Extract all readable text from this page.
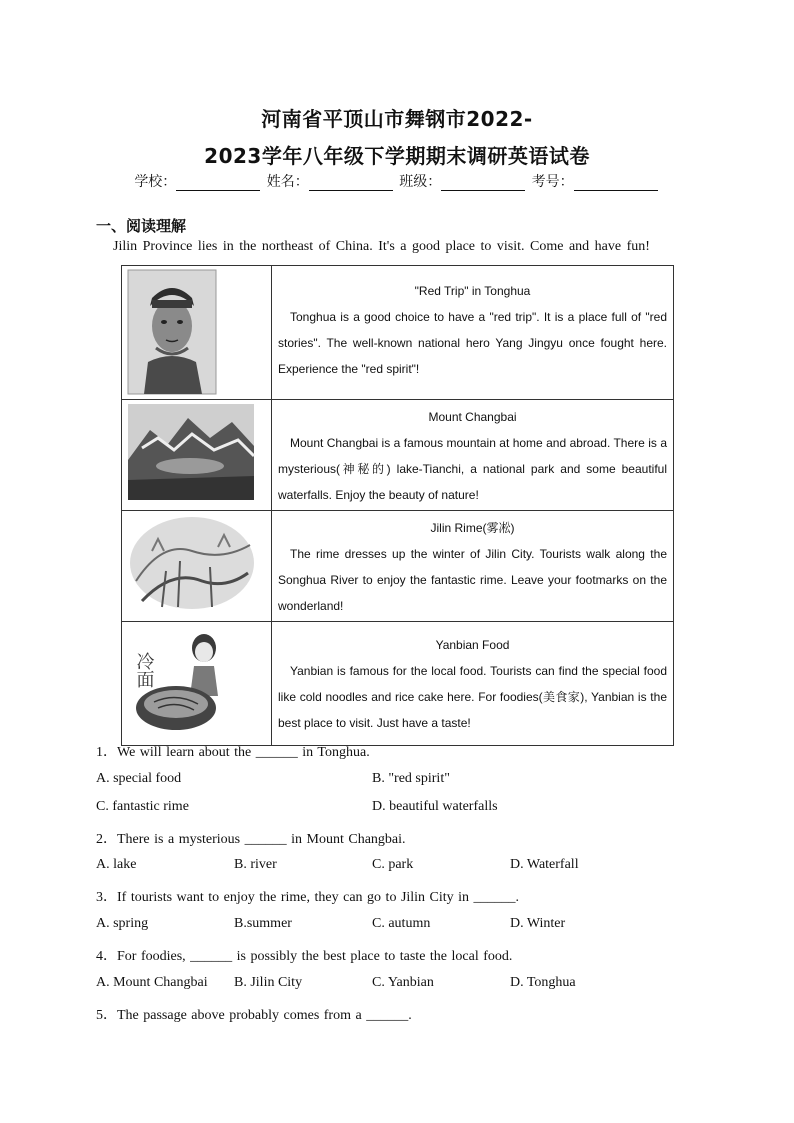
河南省平顶山市舞钢市2022-
2023学年八年级下学期期末调研英语试卷
学校：	姓名：	班级：	考号：
一、阅读理解
Jilin Province lies in the northeast of China. It's a good place to visit. Come and have fun!

"Red Trip" in Tonghua
Tonghua is a good choice to have a "red trip". It is a place full of "red stories". The well-known national hero Yang Jingyu once fought here. Experience the "red spirit"!

Mount Changbai
Mount Changbai is a famous mountain at home and abroad. There is a mysterious(神秘的) lake-Tianchi, a national park and some beautiful waterfalls. Enjoy the beauty of nature!

Jilin Rime(雾凇)
The rime dresses up the winter of Jilin City. Tourists walk along the Songhua River to enjoy the fantastic rime. Leave your footmarks on the wonderland!

冷面	Yanbian Food
Yanbian is famous for the local food. Tourists can find the special food like cold noodles and rice cake here. For foodies(美食家), Yanbian is the best place to visit. Just have a taste!
1．We will learn about the ______ in Tonghua.
A. special food	B. "red spirit"
C. fantastic rime	D. beautiful waterfalls
2．There is a mysterious ______ in Mount Changbai.
A. lake	B. river	C. park	D. Waterfall
3．If tourists want to enjoy the rime, they can go to Jilin City in ______.
A. spring	B.summer	C. autumn	D. Winter
4．For foodies, ______ is possibly the best place to taste the local food.
A. Mount Changbai B. Jilin City	C. Yanbian	D. Tonghua
5．The passage above probably comes from a ______.
